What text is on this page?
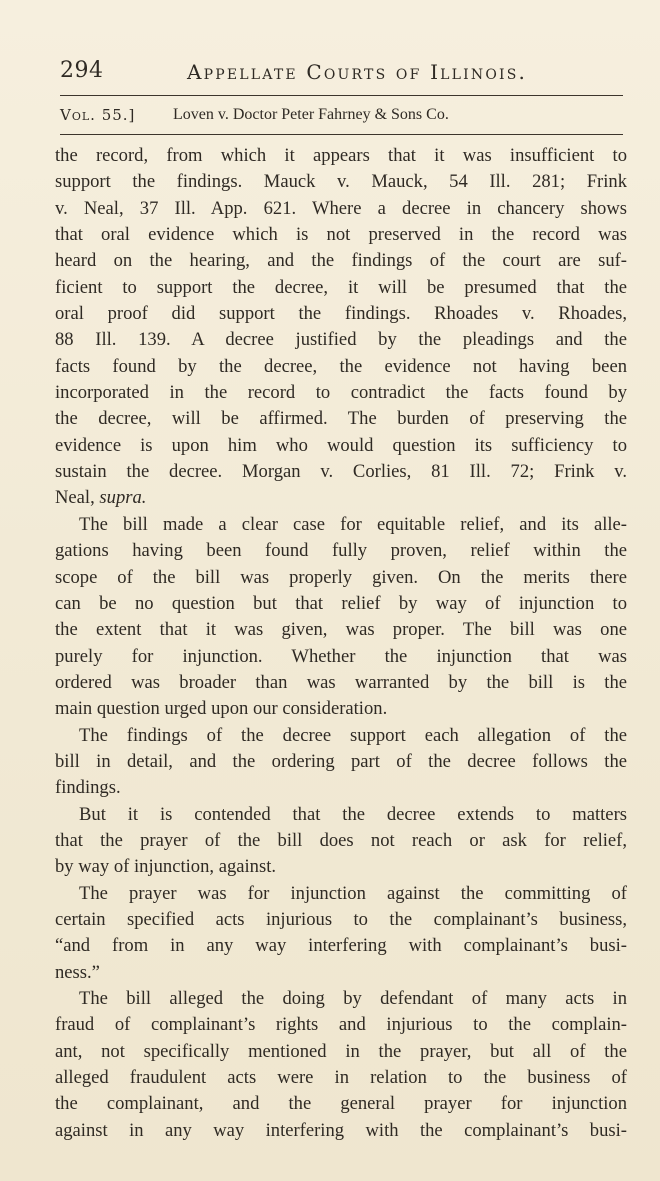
294	Appellate Courts of Illinois.
Vol. 55.] Loven v. Doctor Peter Fahrney & Sons Co.
the record, from which it appears that it was insufficient to
support the findings. Mauck v. Mauck, 54 Ill. 281; Frink
v. Neal, 37 Ill. App. 621. Where a decree in chancery shows
that oral evidence which is not preserved in the record was
heard on the hearing, and the findings of the court are suf-
ficient to support the decree, it will be presumed that the
oral proof did support the findings. Rhoades v. Rhoades,
88 Ill. 139. A decree justified by the pleadings and the
facts found by the decree, the evidence not having been
incorporated in the record to contradict the facts found by
the decree, will be affirmed. The burden of preserving the
evidence is upon him who would question its sufficiency to
sustain the decree. Morgan v. Corlies, 81 Ill. 72; Frink v.
Neal, supra.
The bill made a clear case for equitable relief, and its alle-
gations having been found fully proven, relief within the
scope of the bill was properly given. On the merits there
can be no question but that relief by way of injunction to
the extent that it was given, was proper. The bill was one
purely for injunction. Whether the injunction that was
ordered was broader than was warranted by the bill is the
main question urged upon our consideration.
The findings of the decree support each allegation of the
bill in detail, and the ordering part of the decree follows the
findings.
But it is contended that the decree extends to matters
that the prayer of the bill does not reach or ask for relief,
by way of injunction, against.
The prayer was for injunction against the committing of
certain specified acts injurious to the complainant’s business,
“and from in any way interfering with complainant’s busi-
ness.”
The bill alleged the doing by defendant of many acts in
fraud of complainant’s rights and injurious to the complain-
ant, not specifically mentioned in the prayer, but all of the
alleged fraudulent acts were in relation to the business of
the complainant, and the general prayer for injunction
against in any way interfering with the complainant’s busi-
